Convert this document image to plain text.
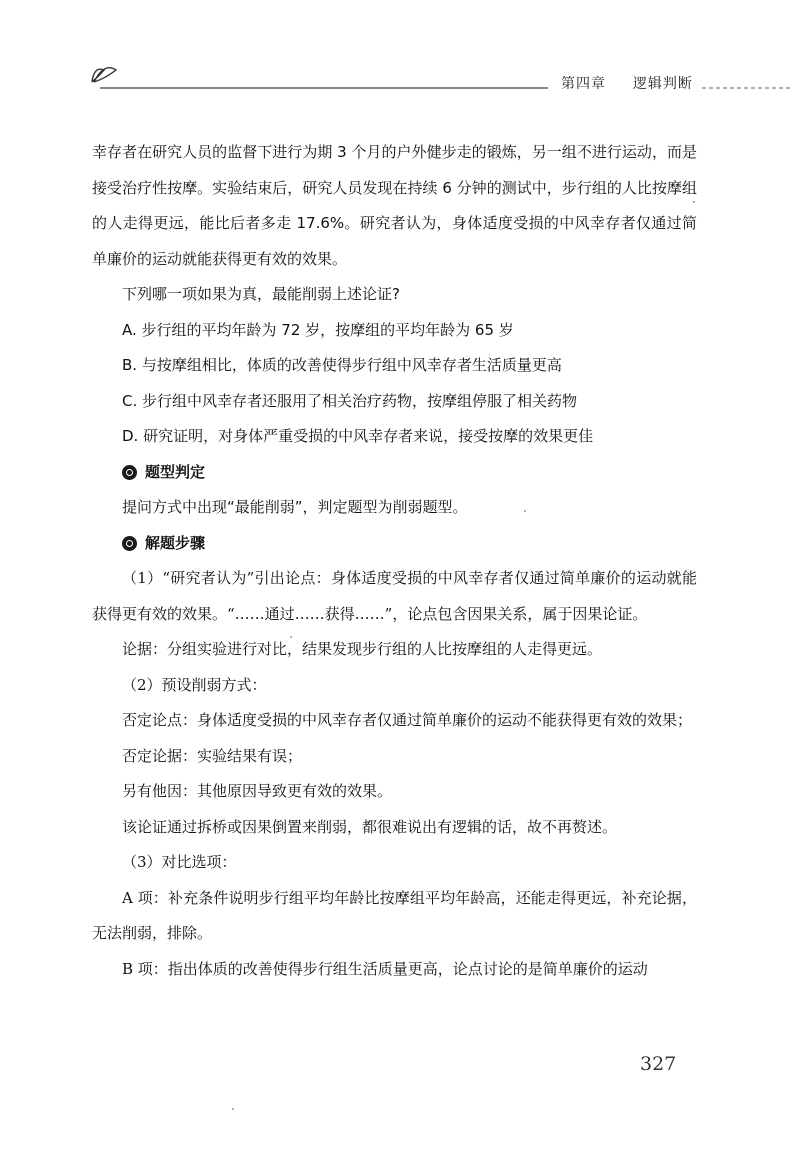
第四章 逻辑判断

幸存者在研究人员的监督下进行为期 3 个月的户外健步走的锻炼，另一组不进行运动，而是接受治疗性按摩。实验结束后，研究人员发现在持续 6 分钟的测试中，步行组的人比按摩组的人走得更远，能比后者多走 17.6%。研究者认为，身体适度受损的中风幸存者仅通过简单廉价的运动就能获得更有效的效果。

下列哪一项如果为真，最能削弱上述论证?

A. 步行组的平均年龄为 72 岁，按摩组的平均年龄为 65 岁

B. 与按摩组相比，体质的改善使得步行组中风幸存者生活质量更高

C. 步行组中风幸存者还服用了相关治疗药物，按摩组停服了相关药物

D. 研究证明，对身体严重受损的中风幸存者来说，接受按摩的效果更佳

题型判定

提问方式中出现“最能削弱”，判定题型为削弱题型。

解题步骤

（1）“研究者认为”引出论点：身体适度受损的中风幸存者仅通过简单廉价的运动就能获得更有效的效果。“……通过……获得……”，论点包含因果关系，属于因果论证。

论据：分组实验进行对比，结果发现步行组的人比按摩组的人走得更远。

（2）预设削弱方式：

否定论点：身体适度受损的中风幸存者仅通过简单廉价的运动不能获得更有效的效果；

否定论据：实验结果有误；

另有他因：其他原因导致更有效的效果。

该论证通过拆桥或因果倒置来削弱，都很难说出有逻辑的话，故不再赘述。

（3）对比选项：

A 项：补充条件说明步行组平均年龄比按摩组平均年龄高，还能走得更远，补充论据，无法削弱，排除。

B 项：指出体质的改善使得步行组生活质量更高，论点讨论的是简单廉价的运动

327
